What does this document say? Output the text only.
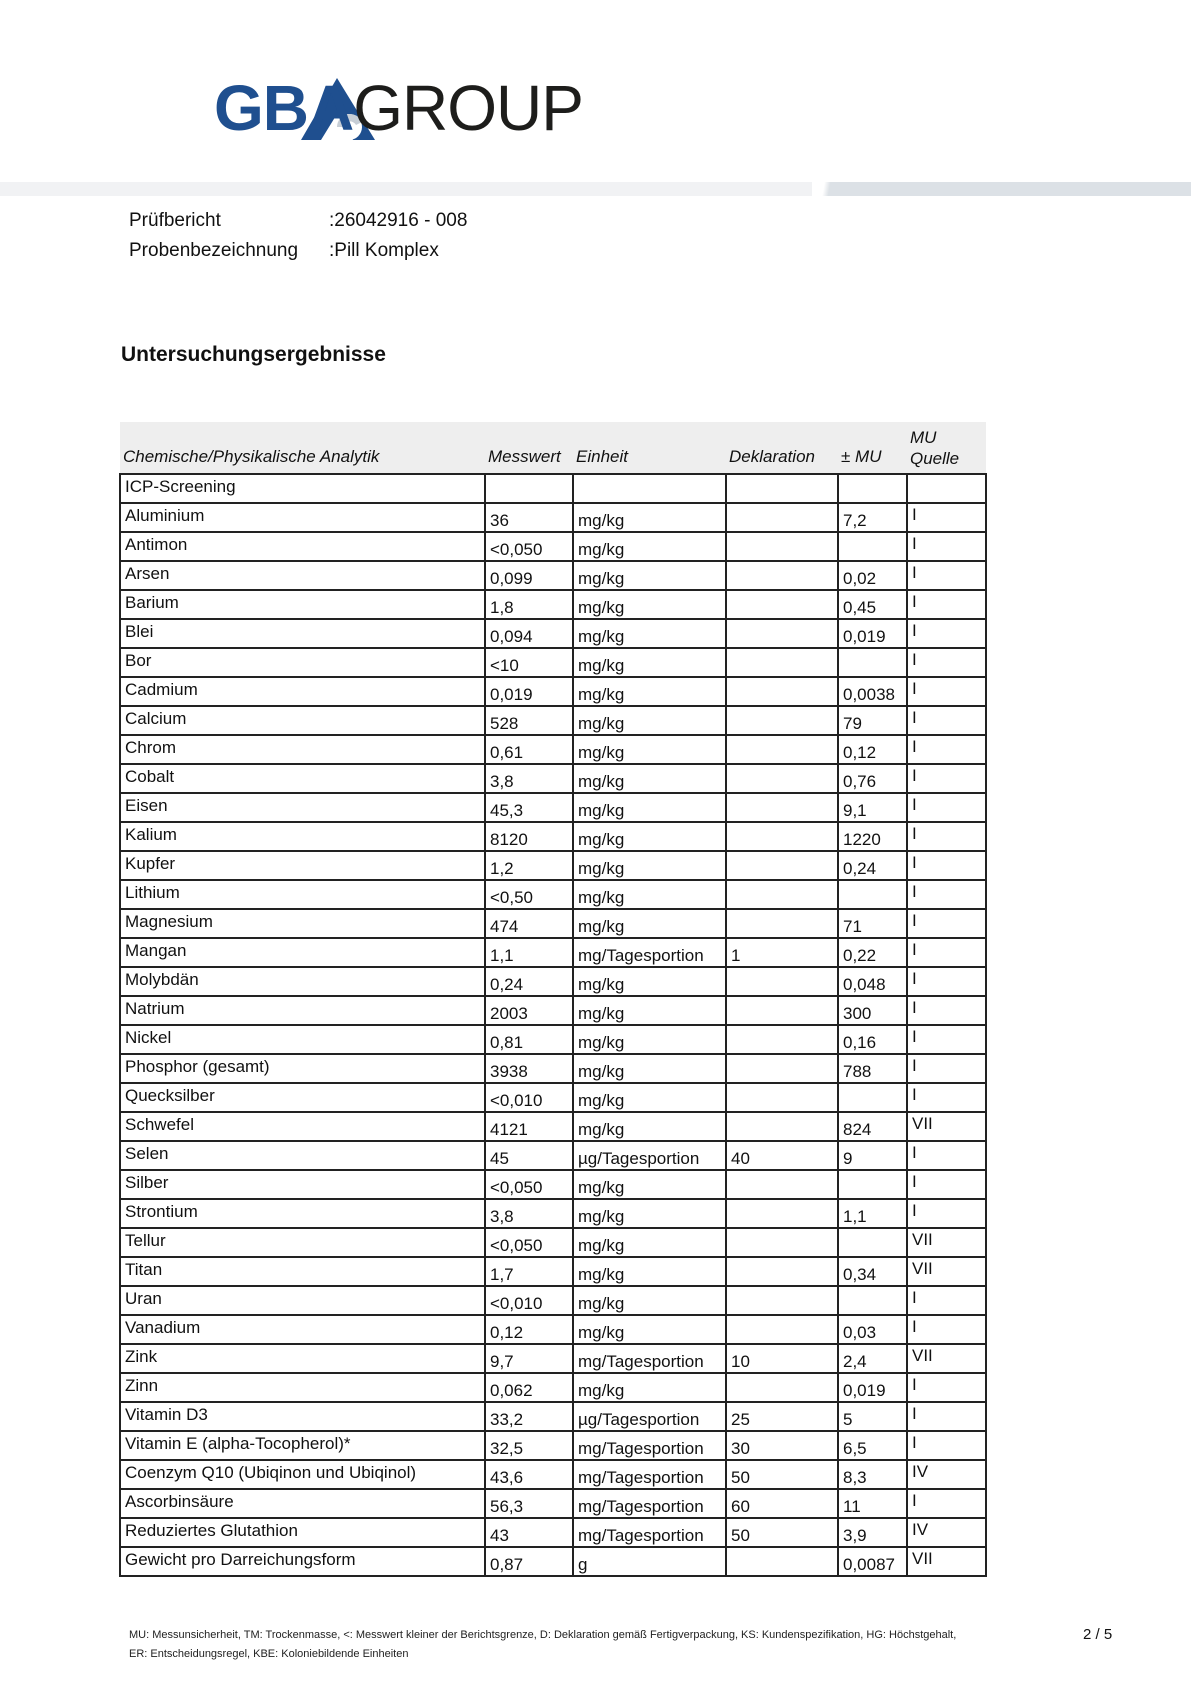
GBAGROUP
Prüfbericht	:26042916 - 008
Probenbezeichnung	:Pill Komplex
Untersuchungsergebnisse
Chemische/Physikalische Analytik	Messwert	Einheit	Deklaration	± MU	MU
Quelle
ICP-Screening					
Aluminium	36	mg/kg		7,2	I
Antimon	<0,050	mg/kg			I
Arsen	0,099	mg/kg		0,02	I
Barium	1,8	mg/kg		0,45	I
Blei	0,094	mg/kg		0,019	I
Bor	<10	mg/kg			I
Cadmium	0,019	mg/kg		0,0038	I
Calcium	528	mg/kg		79	I
Chrom	0,61	mg/kg		0,12	I
Cobalt	3,8	mg/kg		0,76	I
Eisen	45,3	mg/kg		9,1	I
Kalium	8120	mg/kg		1220	I
Kupfer	1,2	mg/kg		0,24	I
Lithium	<0,50	mg/kg			I
Magnesium	474	mg/kg		71	I
Mangan	1,1	mg/Tagesportion	1	0,22	I
Molybdän	0,24	mg/kg		0,048	I
Natrium	2003	mg/kg		300	I
Nickel	0,81	mg/kg		0,16	I
Phosphor (gesamt)	3938	mg/kg		788	I
Quecksilber	<0,010	mg/kg			I
Schwefel	4121	mg/kg		824	VII
Selen	45	µg/Tagesportion	40	9	I
Silber	<0,050	mg/kg			I
Strontium	3,8	mg/kg		1,1	I
Tellur	<0,050	mg/kg			VII
Titan	1,7	mg/kg		0,34	VII
Uran	<0,010	mg/kg			I
Vanadium	0,12	mg/kg		0,03	I
Zink	9,7	mg/Tagesportion	10	2,4	VII
Zinn	0,062	mg/kg		0,019	I
Vitamin D3	33,2	µg/Tagesportion	25	5	I
Vitamin E (alpha-Tocopherol)*	32,5	mg/Tagesportion	30	6,5	I
Coenzym Q10 (Ubiqinon und Ubiqinol)	43,6	mg/Tagesportion	50	8,3	IV
Ascorbinsäure	56,3	mg/Tagesportion	60	11	I
Reduziertes Glutathion	43	mg/Tagesportion	50	3,9	IV
Gewicht pro Darreichungsform	0,87	g		0,0087	VII
MU: Messunsicherheit, TM: Trockenmasse, <: Messwert kleiner der Berichtsgrenze, D: Deklaration gemäß Fertigverpackung, KS: Kundenspezifikation, HG: Höchstgehalt,
ER: Entscheidungsregel, KBE: Koloniebildende Einheiten
2 / 5
